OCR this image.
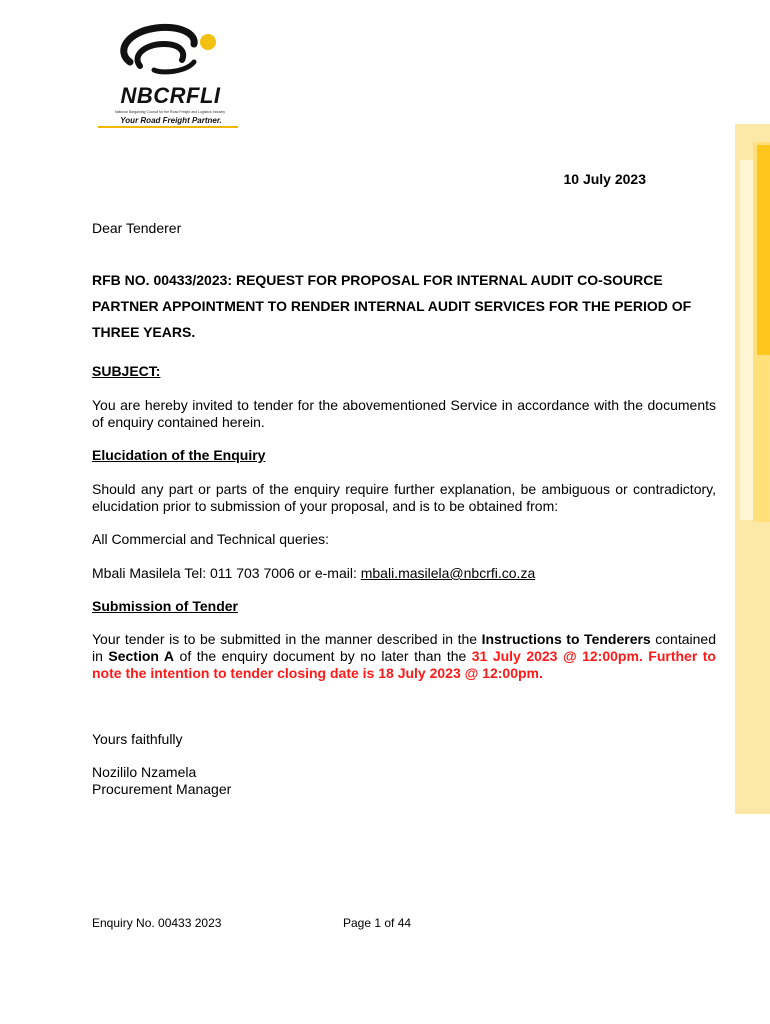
NBCRFLI
National Bargaining Council for the Road Freight and Logistics Industry
Your Road Freight Partner.
10 July 2023
Dear Tenderer
RFB NO. 00433/2023: REQUEST FOR PROPOSAL FOR INTERNAL AUDIT CO-SOURCE PARTNER APPOINTMENT TO RENDER INTERNAL AUDIT SERVICES FOR THE PERIOD OF THREE YEARS.
SUBJECT:
You are hereby invited to tender for the abovementioned Service in accordance with the documents of enquiry contained herein.
Elucidation of the Enquiry
Should any part or parts of the enquiry require further explanation, be ambiguous or contradictory, elucidation prior to submission of your proposal, and is to be obtained from:
All Commercial and Technical queries:
Mbali Masilela Tel: 011 703 7006 or e-mail: mbali.masilela@nbcrfi.co.za
Submission of Tender
Your tender is to be submitted in the manner described in the Instructions to Tenderers contained in Section A of the enquiry document by no later than the 31 July 2023 @ 12:00pm. Further to note the intention to tender closing date is 18 July 2023 @ 12:00pm.
Yours faithfully
Nozililo Nzamela
Procurement Manager
Enquiry No. 00433 2023	Page 1 of 44
